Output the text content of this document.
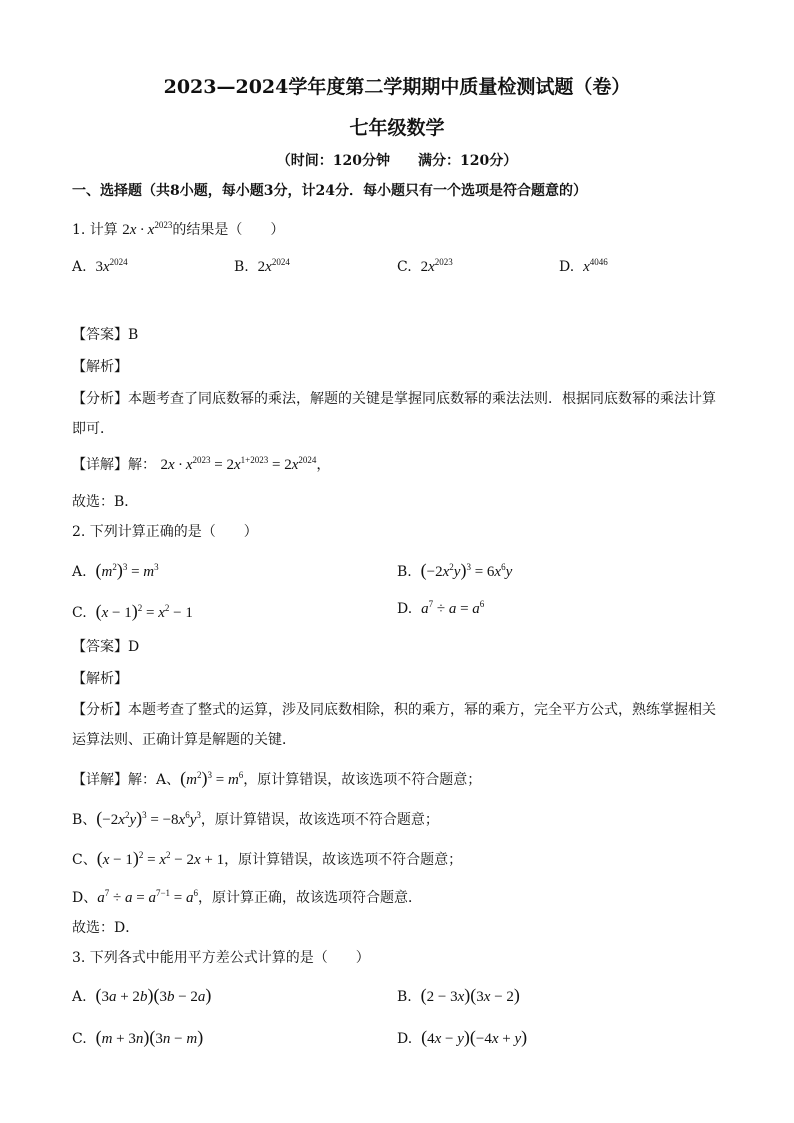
2023—2024学年度第二学期期中质量检测试题（卷）
七年级数学
（时间：120分钟 满分：120分）
一、选择题（共8小题，每小题3分，计24分．每小题只有一个选项是符合题意的）
1. 计算 $2x \cdot x^{2023}$的结果是（　　）
A. $3x^{2024}$	B. $2x^{2024}$	C. $2x^{2023}$	D. $x^{4046}$
【答案】B
【解析】
【分析】本题考查了同底数幂的乘法，解题的关键是掌握同底数幂的乘法法则．根据同底数幂的乘法计算
即可．
【详解】解： $2x \cdot x^{2023} = 2x^{1+2023} = 2x^{2024}$，
故选：B．
2. 下列计算正确的是（　　）
A.  $(m^2)^3 = m^3$	B.  $(-2x^2y)^3 = 6x^6y$
C.  $(x - 1)^2 = x^2 - 1$	D.  $a^7 \div a = a^6$
【答案】D
【解析】
【分析】本题考查了整式的运算，涉及同底数相除，积的乘方，幂的乘方，完全平方公式，熟练掌握相关
运算法则、正确计算是解题的关键．
【详解】解：A、$(m^2)^3 = m^6$，原计算错误，故该选项不符合题意；
B、$(-2x^2y)^3 = -8x^6y^3$，原计算错误，故该选项不符合题意；
C、$(x - 1)^2 = x^2 - 2x + 1$，原计算错误，故该选项不符合题意；
D、$a^7 \div a = a^{7-1} = a^6$，原计算正确，故该选项符合题意．
故选：D．
3. 下列各式中能用平方差公式计算的是（　　）
A.  (3a + 2b)(3b − 2a)	B.  (2 − 3x)(3x − 2)
C.  (m + 3n)(3n − m)	D.  (4x − y)(−4x + y)
